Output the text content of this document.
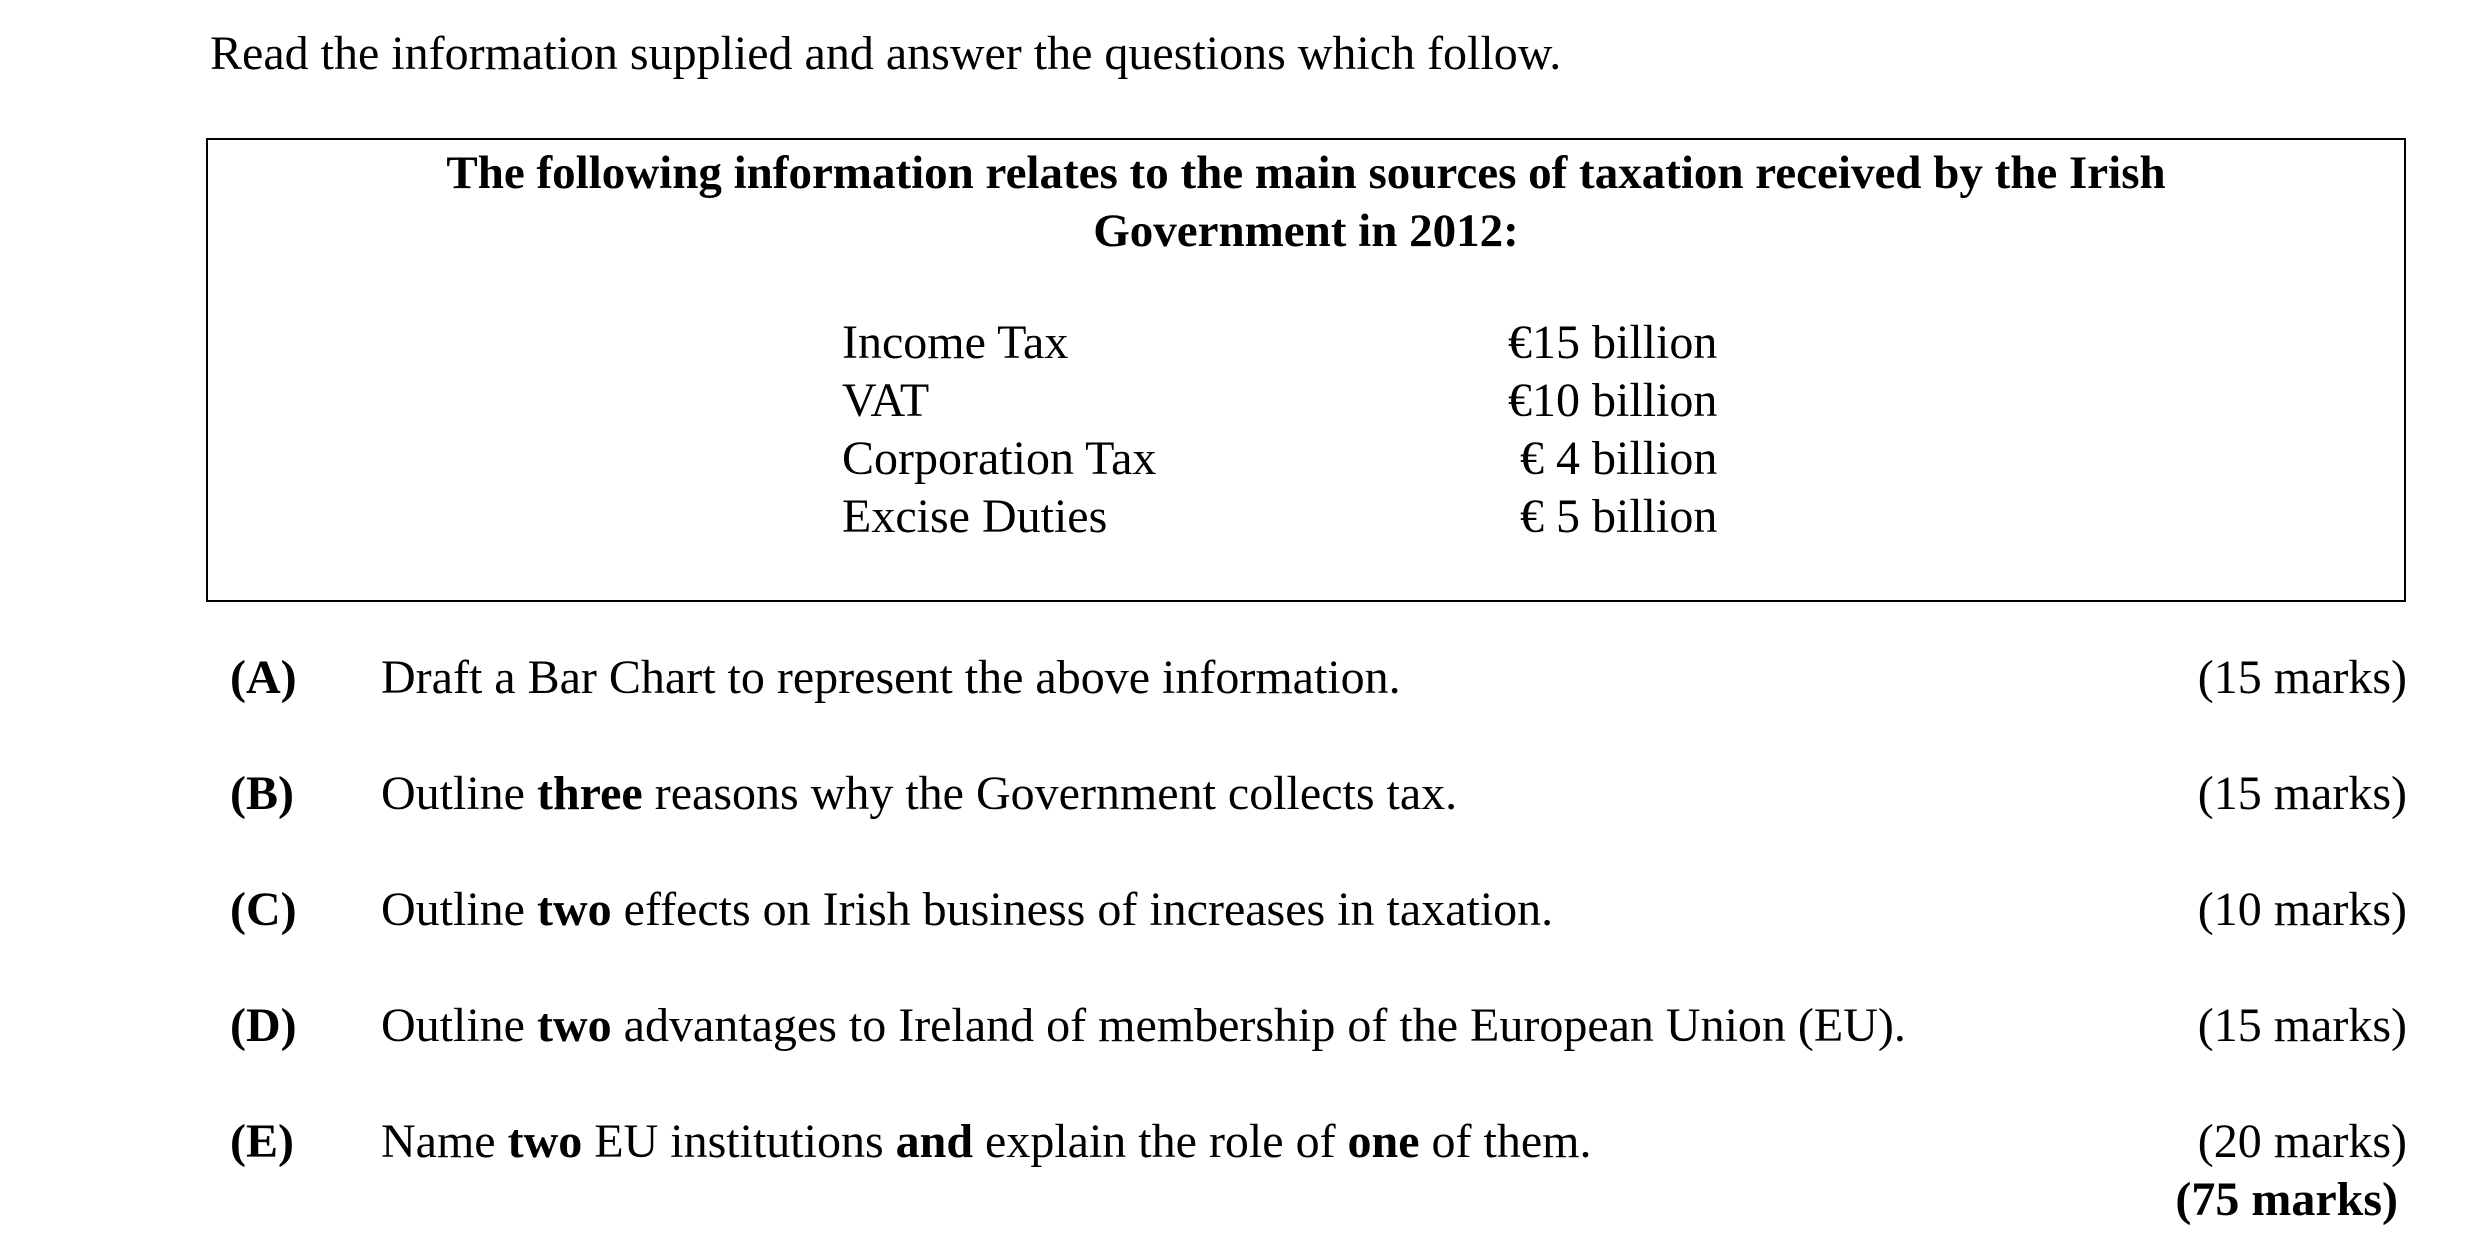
Read the information supplied and answer the questions which follow.
The following information relates to the main sources of taxation received by the Irish
Government in 2012:
Income Tax	€15 billion
VAT	€10 billion
Corporation Tax	€ 4 billion
Excise Duties	€ 5 billion
(A) Draft a Bar Chart to represent the above information.	(15 marks)
(B) Outline three reasons why the Government collects tax.	(15 marks)
(C) Outline two effects on Irish business of increases in taxation.	(10 marks)
(D) Outline two advantages to Ireland of membership of the European Union (EU).	(15 marks)
(E) Name two EU institutions and explain the role of one of them.	(20 marks)
(75 marks)
